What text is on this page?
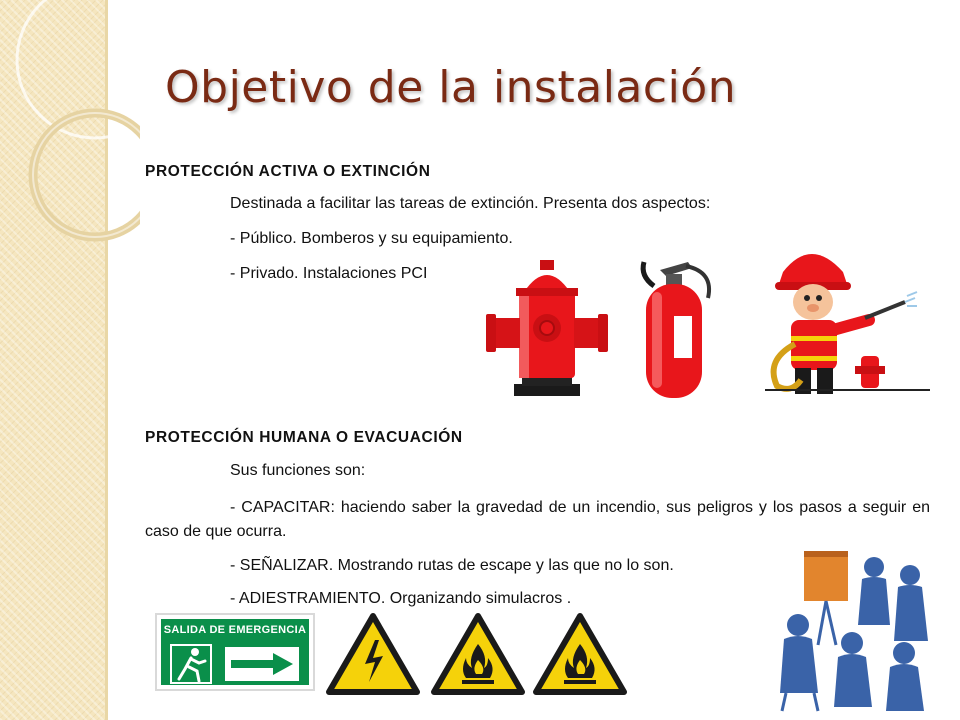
Objetivo de la instalación
PROTECCIÓN ACTIVA O EXTINCIÓN
Destinada a facilitar las tareas de extinción. Presenta dos aspectos:
- Público. Bomberos y su equipamiento.
- Privado. Instalaciones PCI
PROTECCIÓN HUMANA O EVACUACIÓN
Sus funciones son:
- CAPACITAR: haciendo saber la gravedad de un incendio, sus peligros y los pasos a seguir en caso de que ocurra.
- SEÑALIZAR. Mostrando rutas de escape y las que no lo son.
- ADIESTRAMIENTO. Organizando simulacros .
SALIDA DE EMERGENCIA
